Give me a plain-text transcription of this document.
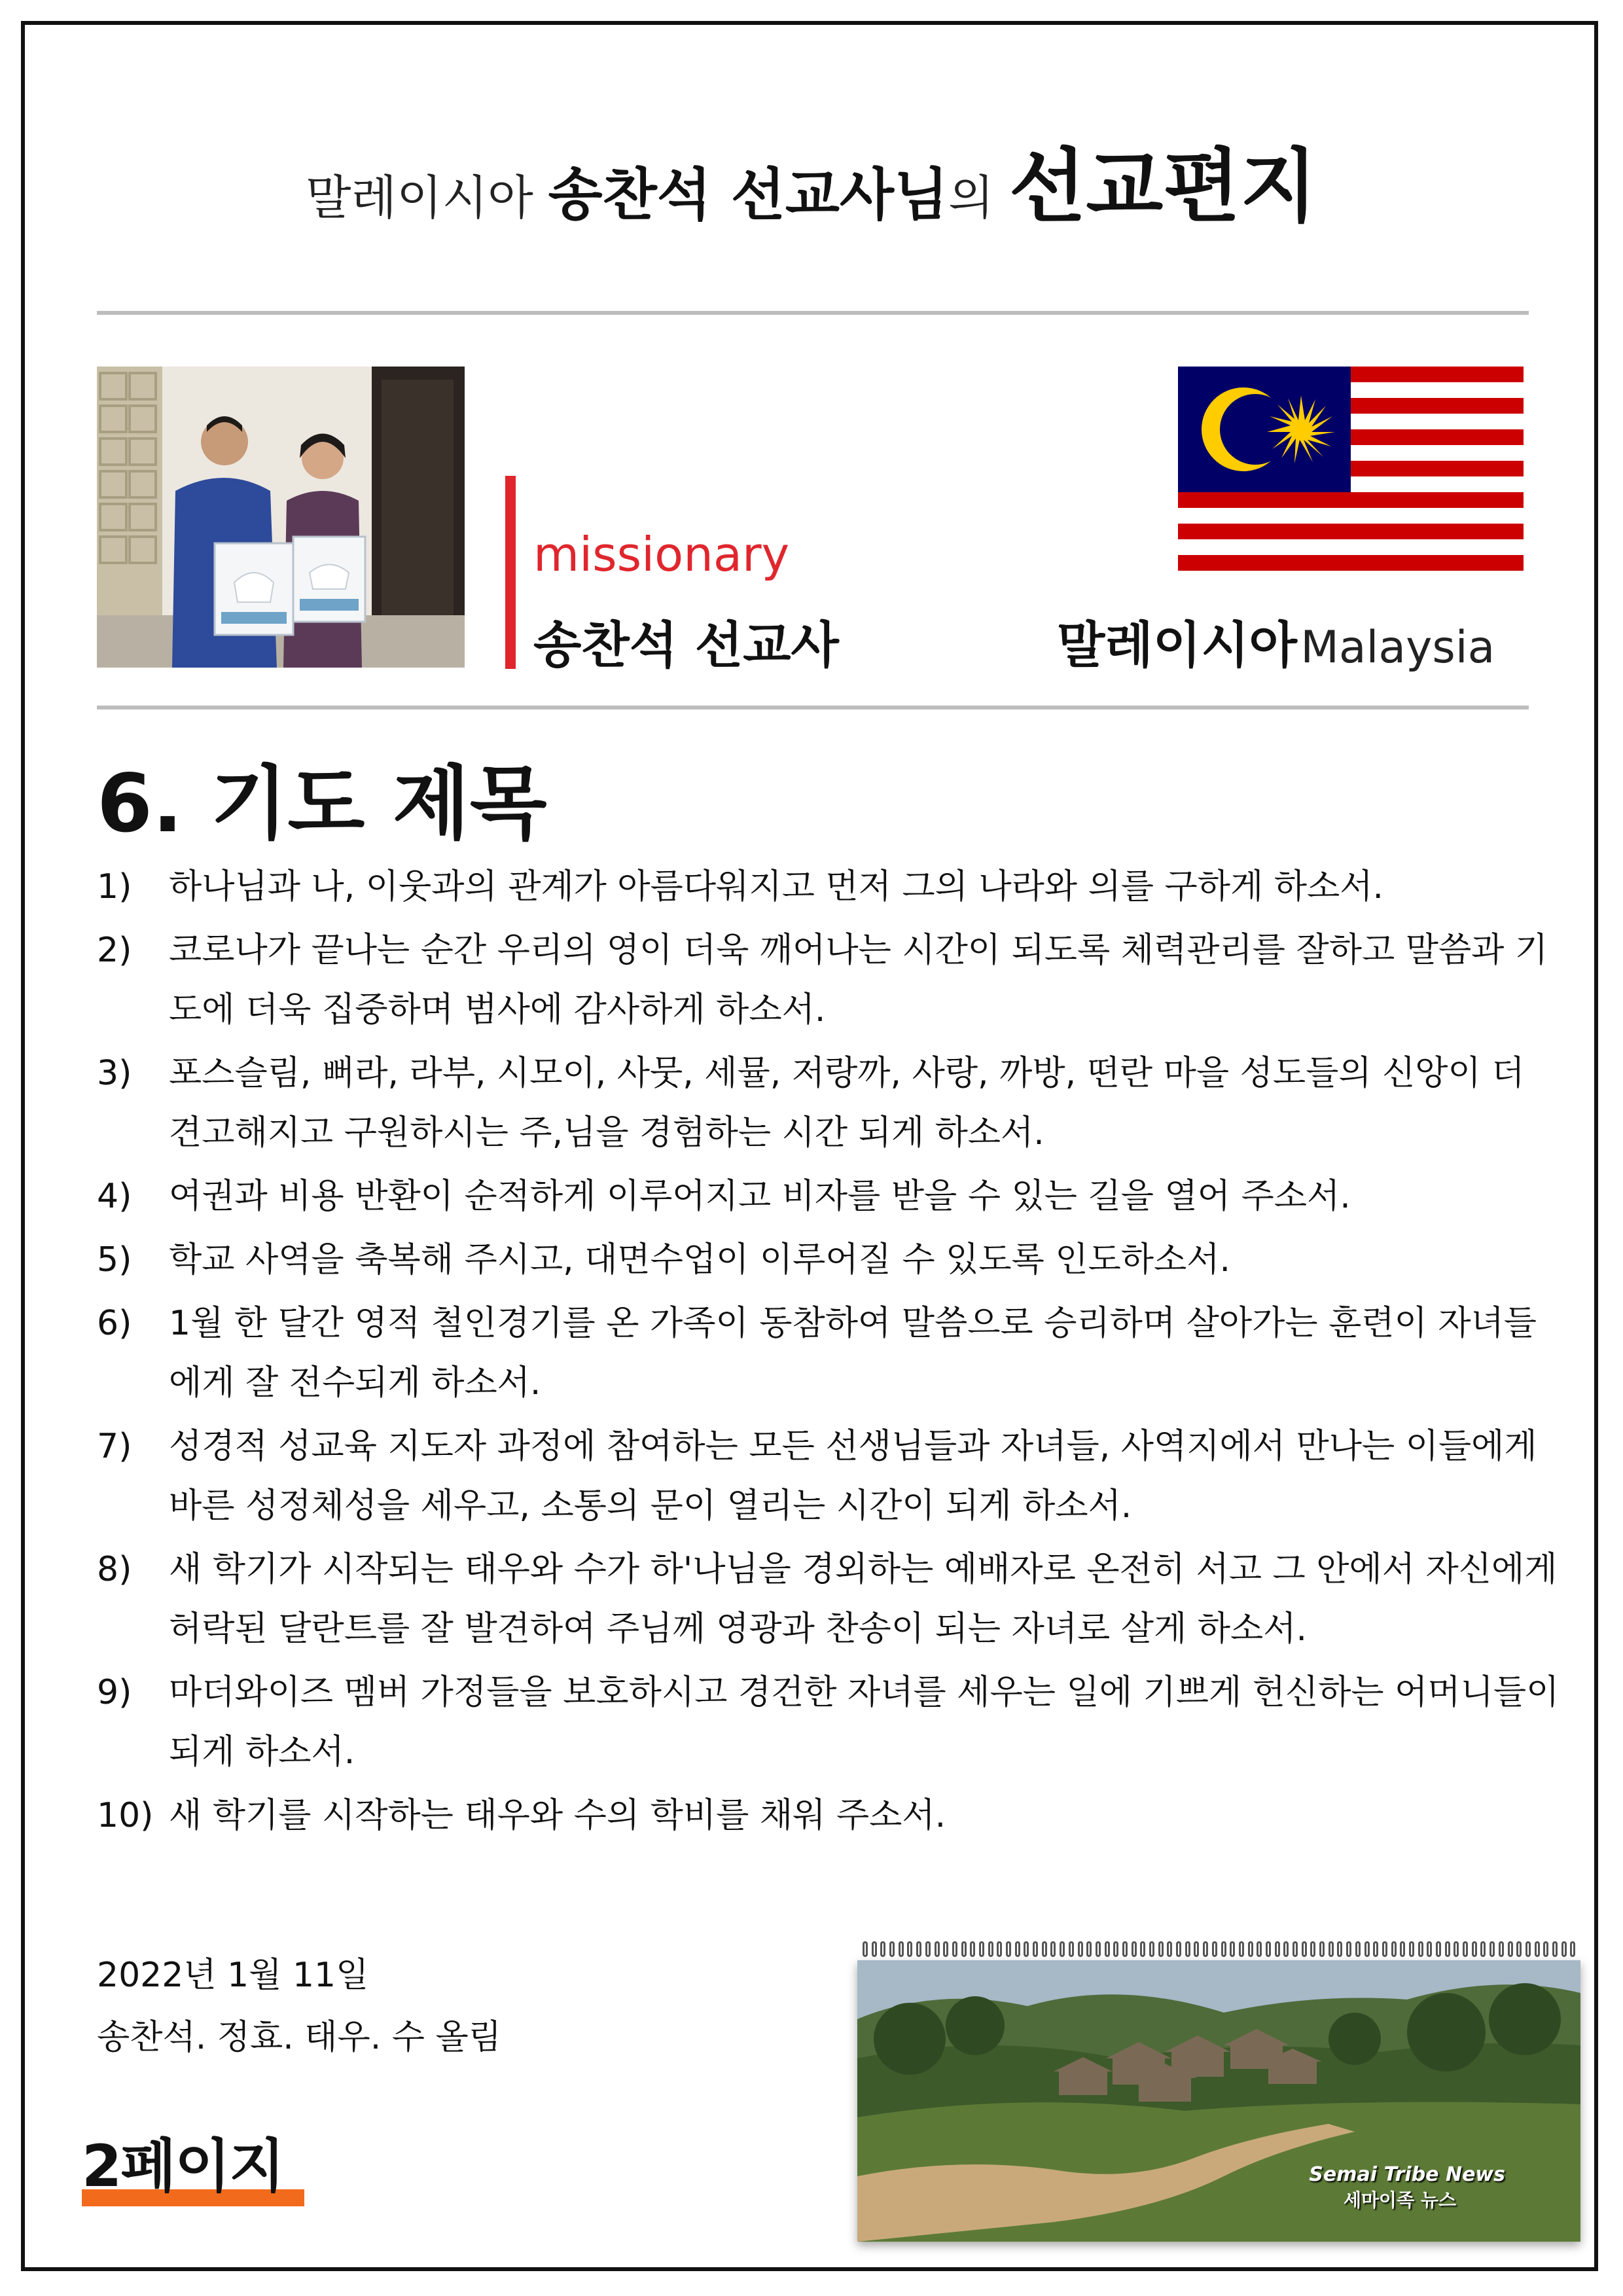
말레이시아 송찬석 선교사님의 선교편지
missionary
송찬석 선교사	말레이시아 Malaysia
6. 기도 제목
1)	하나님과 나, 이웃과의 관계가 아름다워지고 먼저 그의 나라와 의를 구하게 하소서.
2)	코로나가 끝나는 순간 우리의 영이 더욱 깨어나는 시간이 되도록 체력관리를 잘하고 말씀과 기도에 더욱 집중하며 범사에 감사하게 하소서.
3)	포스슬림, 뻐라, 라부, 시모이, 사뭇, 세뮬, 저랑까, 사랑, 까방, 떤란 마을 성도들의 신앙이 더 견고해지고 구원하시는 주,님을 경험하는 시간 되게 하소서.
4)	여권과 비용 반환이 순적하게 이루어지고 비자를 받을 수 있는 길을 열어 주소서.
5)	학교 사역을 축복해 주시고, 대면수업이 이루어질 수 있도록 인도하소서.
6)	1월 한 달간 영적 철인경기를 온 가족이 동참하여 말씀으로 승리하며 살아가는 훈련이 자녀들에게 잘 전수되게 하소서.
7)	성경적 성교육 지도자 과정에 참여하는 모든 선생님들과 자녀들, 사역지에서 만나는 이들에게 바른 성정체성을 세우고, 소통의 문이 열리는 시간이 되게 하소서.
8)	새 학기가 시작되는 태우와 수가 하'나님을 경외하는 예배자로 온전히 서고 그 안에서 자신에게 허락된 달란트를 잘 발견하여 주님께 영광과 찬송이 되는 자녀로 살게 하소서.
9)	마더와이즈 멤버 가정들을 보호하시고 경건한 자녀를 세우는 일에 기쁘게 헌신하는 어머니들이 되게 하소서.
10) 새 학기를 시작하는 태우와 수의 학비를 채워 주소서.
2022년 1월 11일
송찬석. 정효. 태우. 수 올림
2페이지	Semai Tribe News
세마이족 뉴스
